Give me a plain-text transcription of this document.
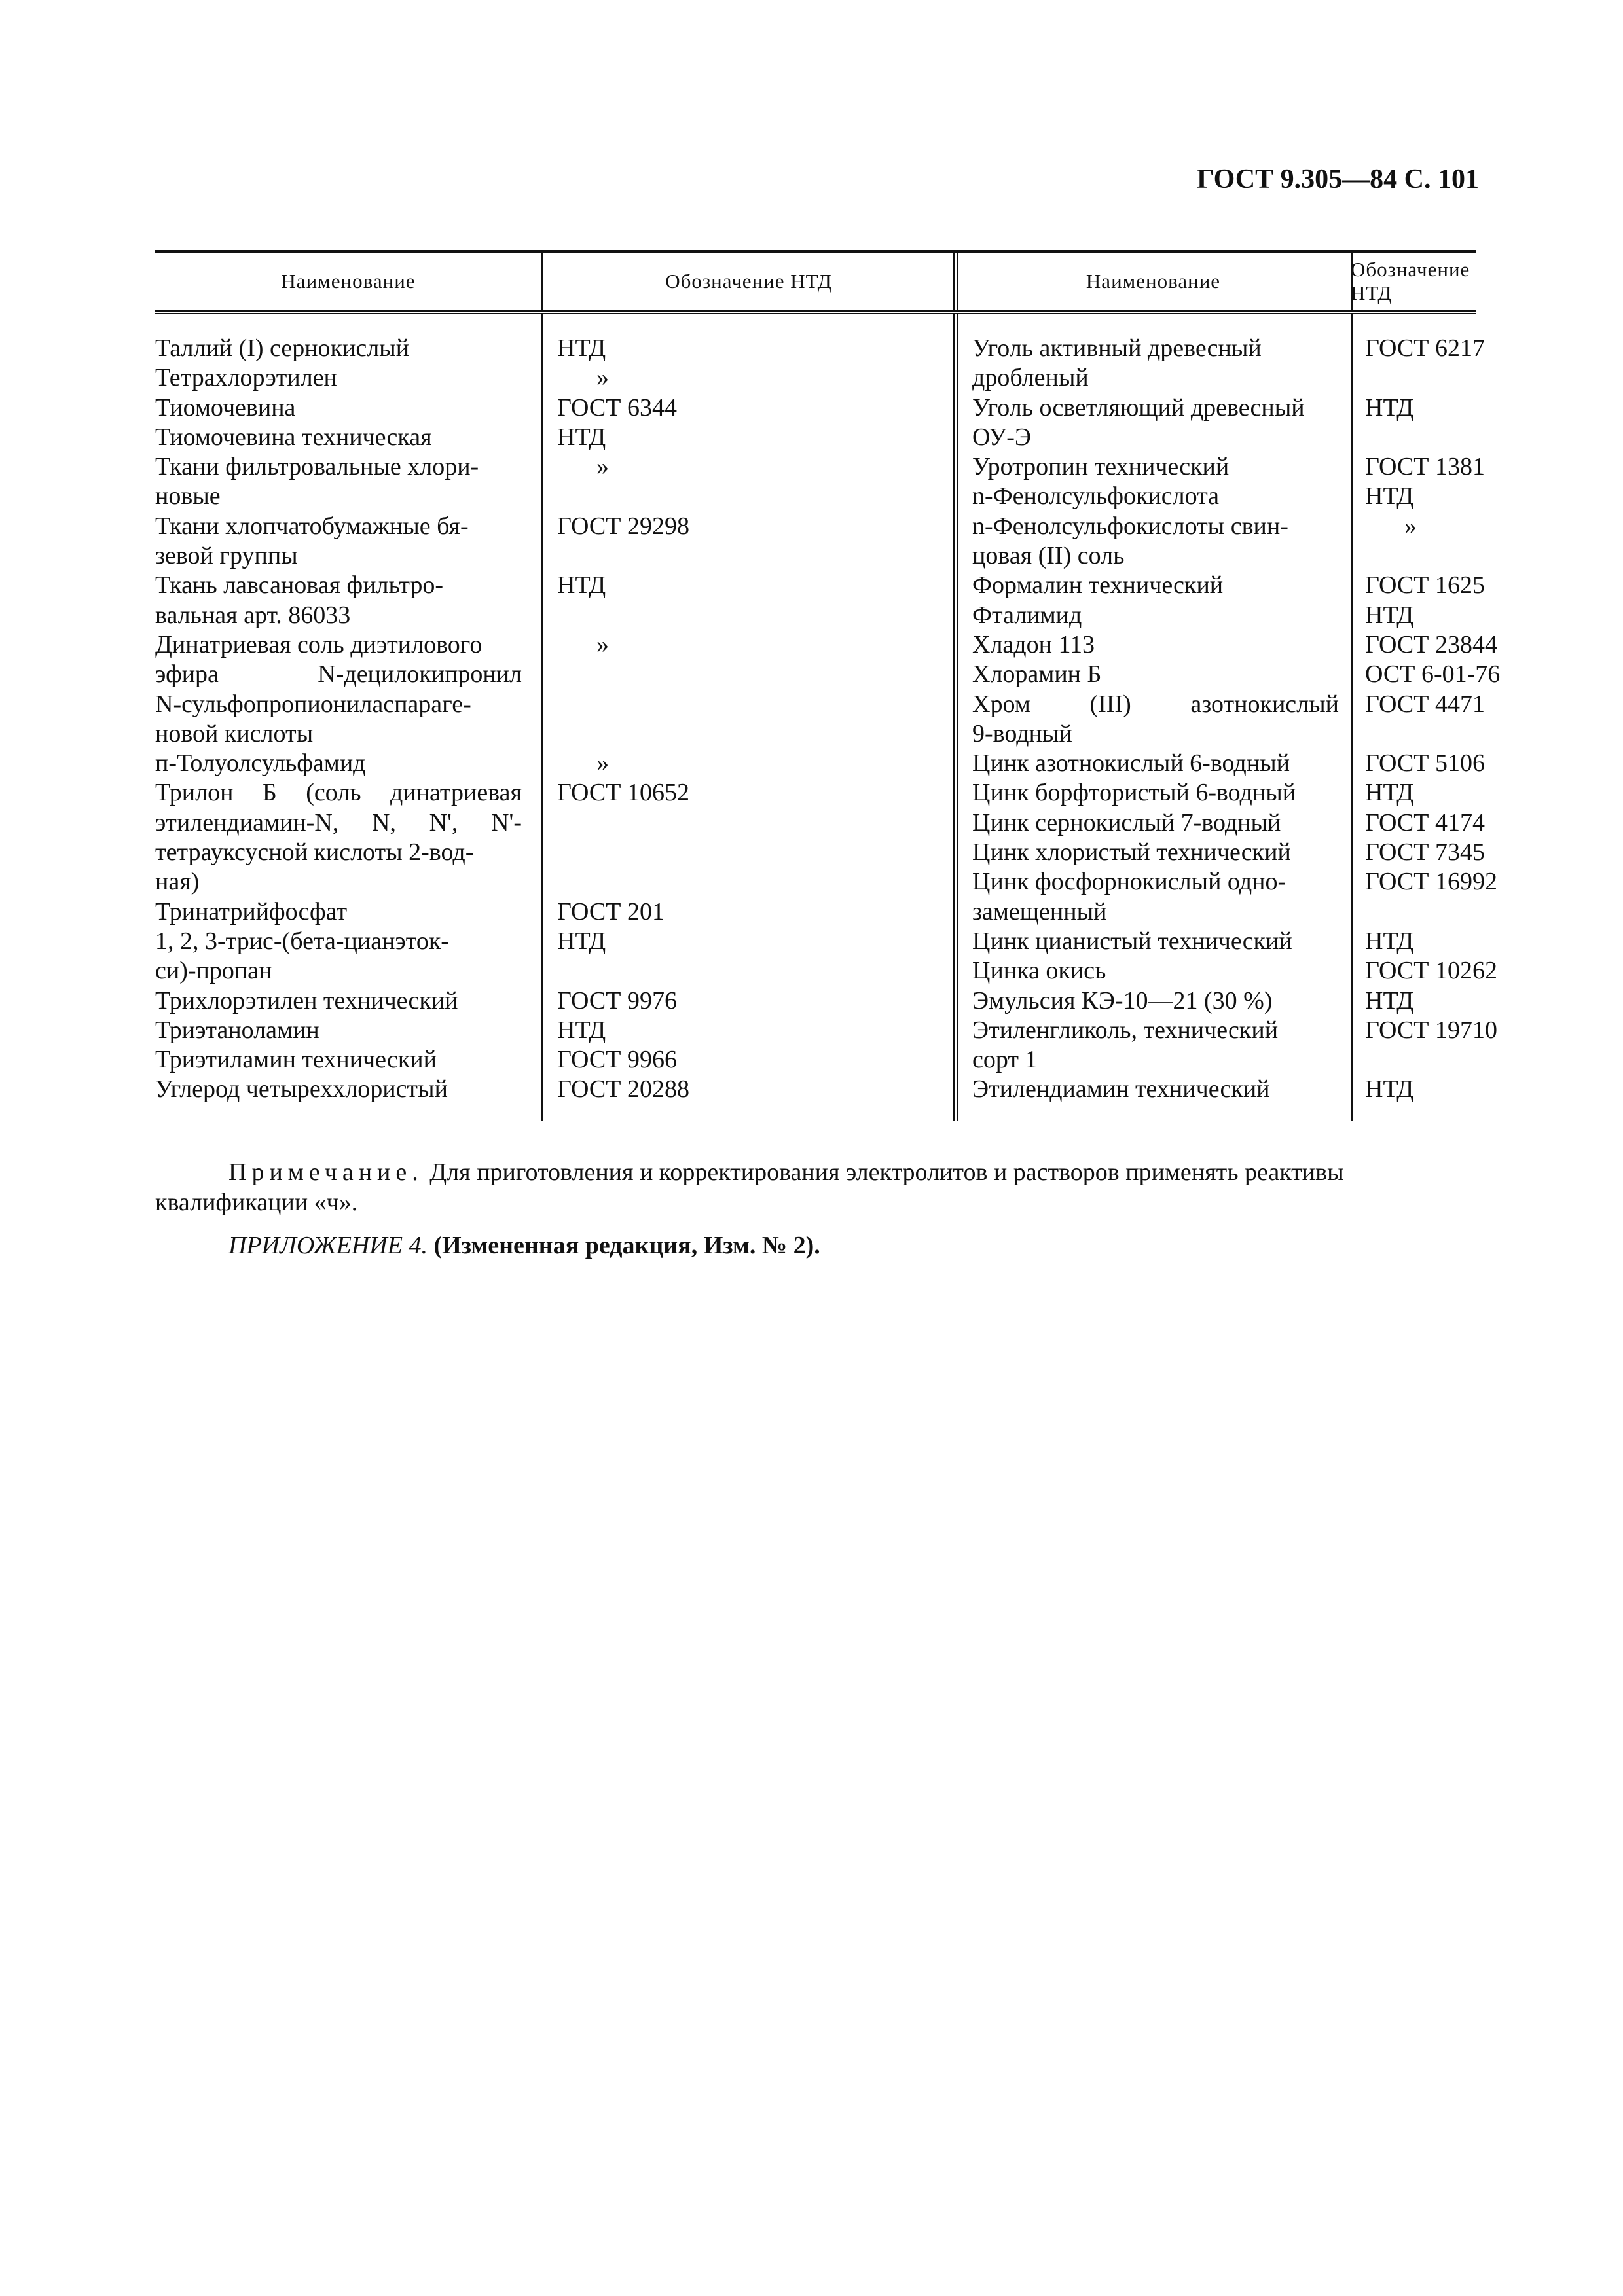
ГОСТ 9.305—84 С. 101
Наименование	Обозначение НТД	Наименование
Обозначение НТД
Таллий (I) сернокислый
Тетрахлорэтилен
Тиомочевина
Тиомочевина техническая
Ткани фильтровальные хлори-
новые
Ткани хлопчатобумажные бя-
зевой группы
Ткань лавсановая фильтро-
вальная арт. 86033
Динатриевая соль диэтилового
эфира N-децилокипронил
N-сульфопропиониласпараге-
новой кислоты
п-Толуолсульфамид
Трилон Б (соль динатриевая
этилендиамин-N, N, N', N'-
тетрауксусной кислоты 2-вод-
ная)
Тринатрийфосфат
1, 2, 3-трис-(бета-цианэток-
си)-пропан
Трихлорэтилен технический
Триэтаноламин
Триэтиламин технический
Углерод четыреххлористый
НТД
»
ГОСТ 6344
НТД
»
ГОСТ 29298
НТД
»
»
ГОСТ 10652
ГОСТ 201
НТД
ГОСТ 9976
НТД
ГОСТ 9966
ГОСТ 20288
Уголь активный древесный
дробленый
Уголь осветляющий древесный
ОУ-Э
Уротропин технический
n-Фенолсульфокислота
n-Фенолсульфокислоты свин-
цовая (II) соль
Формалин технический
Фталимид
Хладон 113
Хлорамин Б
Хром (III) азотнокислый
9-водный
Цинк азотнокислый 6-водный
Цинк борфтористый 6-водный
Цинк сернокислый 7-водный
Цинк хлористый технический
Цинк фосфорнокислый одно-
замещенный
Цинк цианистый технический
Цинка окись
Эмульсия КЭ-10—21 (30 %)
Этиленгликоль, технический
сорт 1
Этилендиамин технический
ГОСТ 6217
НТД
ГОСТ 1381
НТД
»
ГОСТ 1625
НТД
ГОСТ 23844
ОСТ 6-01-76
ГОСТ 4471
ГОСТ 5106
НТД
ГОСТ 4174
ГОСТ 7345
ГОСТ 16992
НТД
ГОСТ 10262
НТД
ГОСТ 19710
НТД

Примечание. Для приготовления и корректирования электролитов и растворов применять реактивы квалификации «ч».

ПРИЛОЖЕНИЕ 4. (Измененная редакция, Изм. № 2).
